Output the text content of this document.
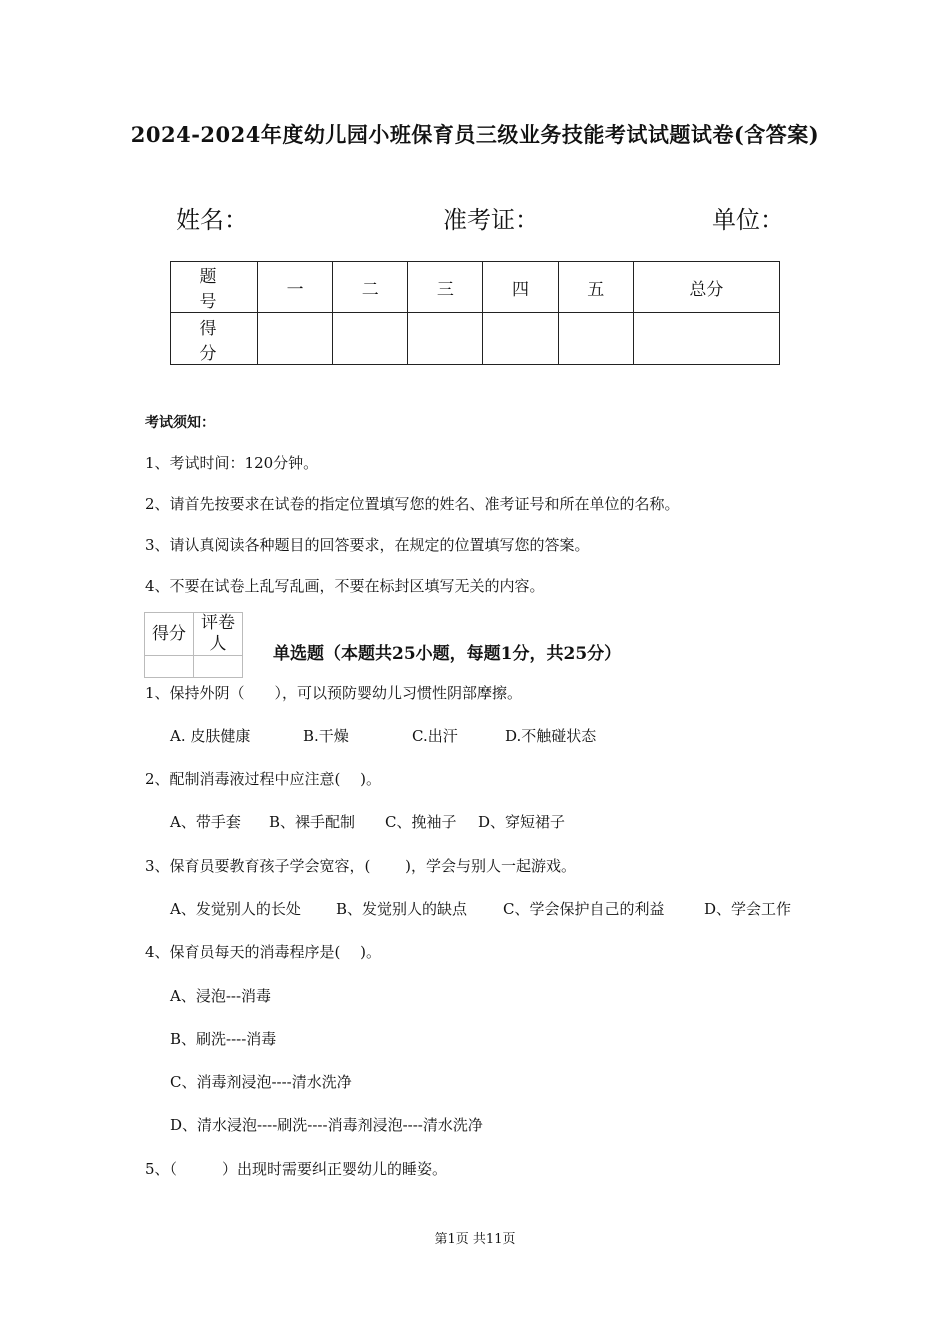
2024-2024年度幼儿园小班保育员三级业务技能考试试题试卷(含答案)
姓名：	准考证：	单位：
题　号	一	二	三	四	五	总分
得　分						
考试须知：
1、考试时间：120分钟。
2、请首先按要求在试卷的指定位置填写您的姓名、准考证号和所在单位的名称。
3、请认真阅读各种题目的回答要求，在规定的位置填写您的答案。
4、不要在试卷上乱写乱画，不要在标封区填写无关的内容。
得分	评卷人
		单选题（本题共25小题，每题1分，共25分）
1、保持外阴（　　），可以预防婴幼儿习惯性阴部摩擦。
A. 皮肤健康	B.干燥	C.出汗	D.不触碰状态
2、配制消毒液过程中应注意(　 )。
A、带手套 B、裸手配制 C、挽袖子 D、穿短裙子
3、保育员要教育孩子学会宽容，(　　 )，学会与别人一起游戏。
A、发觉别人的长处 B、发觉别人的缺点 C、学会保护自己的利益	D、学会工作
4、保育员每天的消毒程序是(　 )。
A、浸泡---消毒
B、刷洗----消毒
C、消毒剂浸泡----清水洗净
D、清水浸泡----刷洗----消毒剂浸泡----清水洗净
5、（　　　）出现时需要纠正婴幼儿的睡姿。
第1页 共11页
